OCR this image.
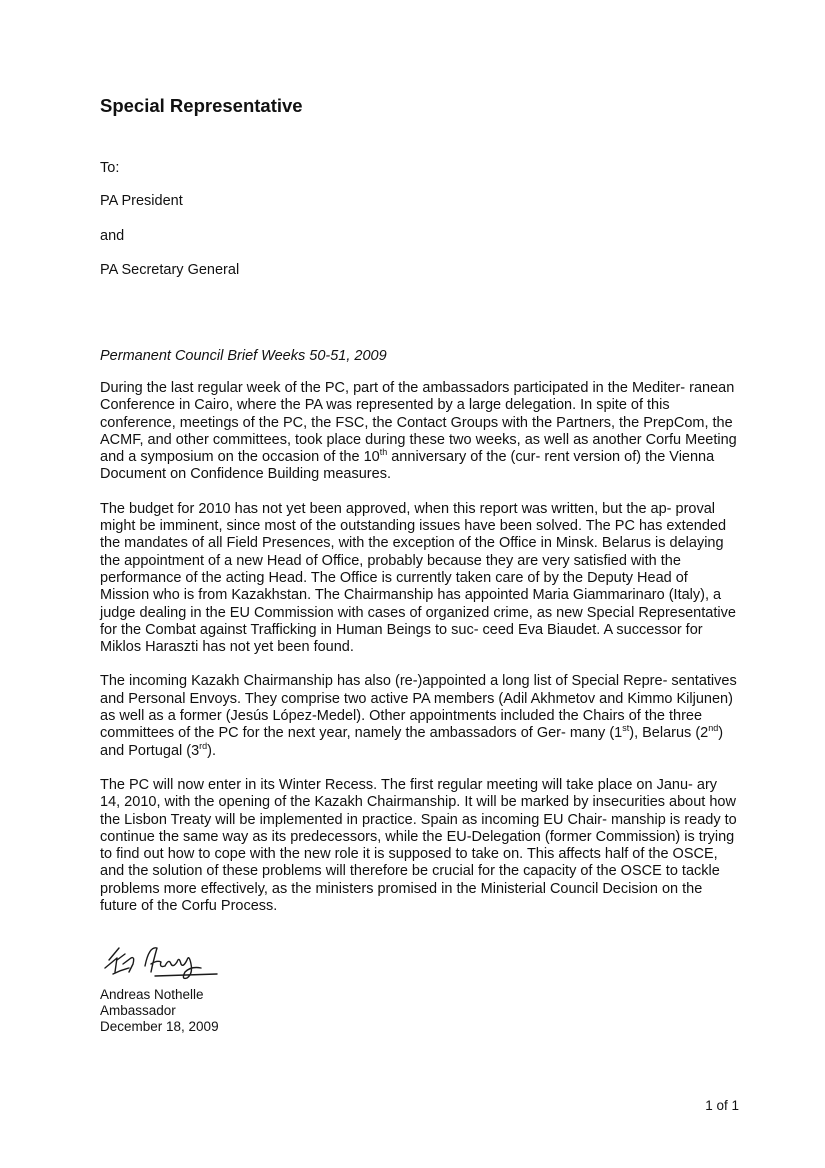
Special Representative

To:

PA President

and

PA Secretary General

Permanent Council Brief Weeks 50-51, 2009

During the last regular week of the PC, part of the ambassadors participated in the Mediter- ranean Conference in Cairo, where the PA was represented by a large delegation. In spite of this conference, meetings of the PC, the FSC, the Contact Groups with the Partners, the PrepCom, the ACMF, and other committees, took place during these two weeks, as well as another Corfu Meeting and a symposium on the occasion of the 10th anniversary of the (cur- rent version of) the Vienna Document on Confidence Building measures.

The budget for 2010 has not yet been approved, when this report was written, but the ap- proval might be imminent, since most of the outstanding issues have been solved. The PC has extended the mandates of all Field Presences, with the exception of the Office in Minsk. Belarus is delaying the appointment of a new Head of Office, probably because they are very satisfied with the performance of the acting Head. The Office is currently taken care of by the Deputy Head of Mission who is from Kazakhstan. The Chairmanship has appointed Maria Giammarinaro (Italy), a judge dealing in the EU Commission with cases of organized crime, as new Special Representative for the Combat against Trafficking in Human Beings to suc- ceed Eva Biaudet. A successor for Miklos Haraszti has not yet been found.

The incoming Kazakh Chairmanship has also (re-)appointed a long list of Special Repre- sentatives and Personal Envoys. They comprise two active PA members (Adil Akhmetov and Kimmo Kiljunen) as well as a former (Jesús López-Medel). Other appointments included the Chairs of the three committees of the PC for the next year, namely the ambassadors of Ger- many (1st), Belarus (2nd) and Portugal (3rd).

The PC will now enter in its Winter Recess. The first regular meeting will take place on Janu- ary 14, 2010, with the opening of the Kazakh Chairmanship. It will be marked by insecurities about how the Lisbon Treaty will be implemented in practice. Spain as incoming EU Chair- manship is ready to continue the same way as its predecessors, while the EU-Delegation (former Commission) is trying to find out how to cope with the new role it is supposed to take on. This affects half of the OSCE, and the solution of these problems will therefore be crucial for the capacity of the OSCE to tackle problems more effectively, as the ministers promised in the Ministerial Council Decision on the future of the Corfu Process.

Andreas Nothelle

Ambassador

December 18, 2009

1 of 1
